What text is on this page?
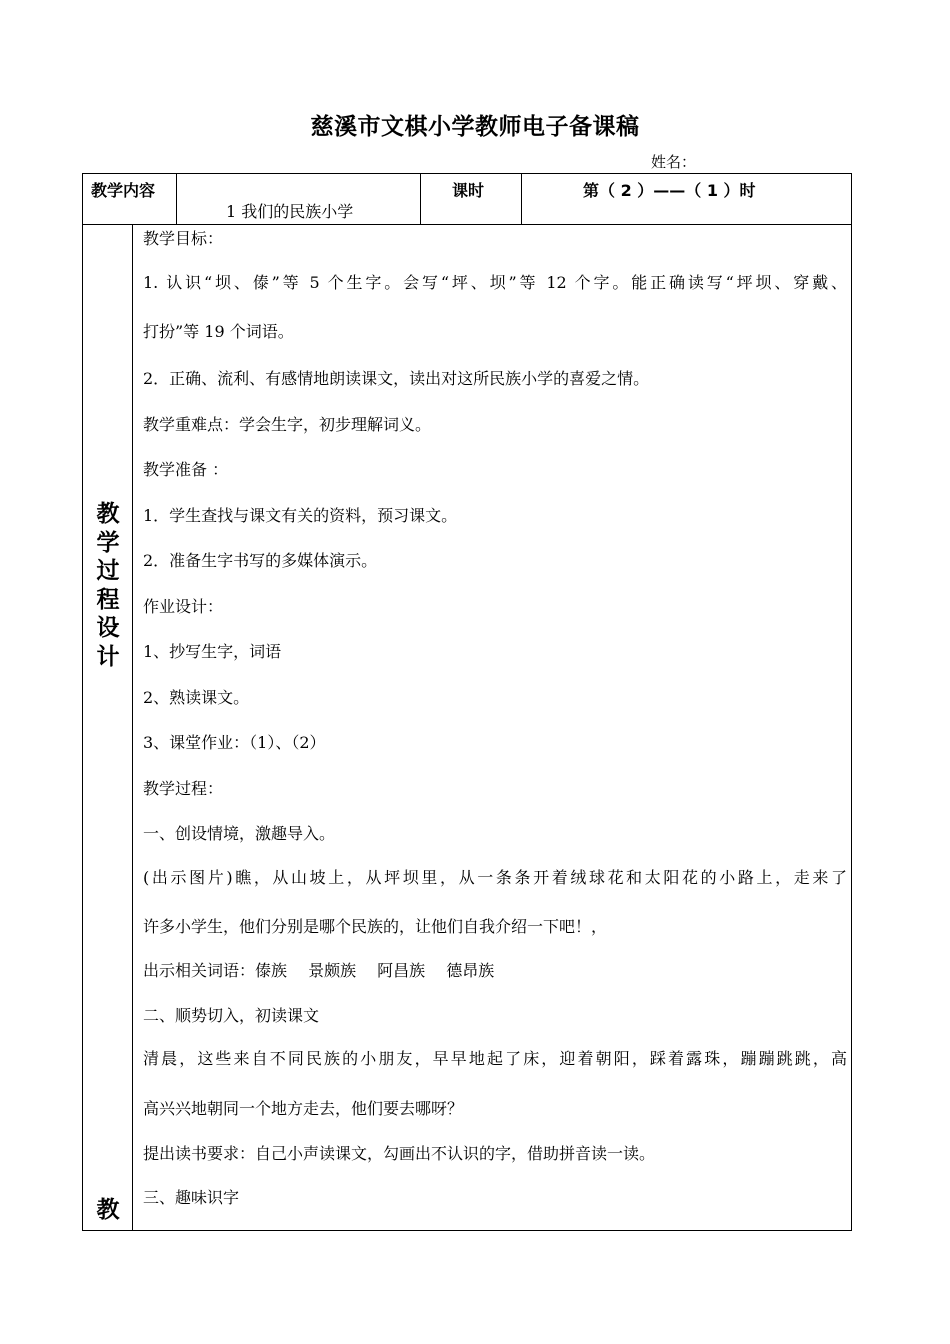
慈溪市文棋小学教师电子备课稿
姓名：
教学内容
1 我们的民族小学
课时	第（ 2 ）——（ 1 ）时
教
学
过
程
设
计
教
教学目标：
1. 认识“坝、傣”等 5 个生字。会写“坪、坝”等 12 个字。能正确读写“坪坝、穿戴、
打扮”等 19 个词语。
2．正确、流利、有感情地朗读课文，读出对这所民族小学的喜爱之情。
教学重难点：学会生字，初步理解词义。
教学准备 ：
1．学生查找与课文有关的资料，预习课文。
2．准备生字书写的多媒体演示。
作业设计：
1、抄写生字，词语
2、熟读课文。
3、课堂作业：（1）、（2）
教学过程：
一、创设情境，激趣导入。
(出示图片)瞧，从山坡上，从坪坝里，从一条条开着绒球花和太阳花的小路上，走来了
许多小学生，他们分别是哪个民族的，让他们自我介绍一下吧！，
出示相关词语：傣族　 景颇族　 阿昌族　 德昂族
二、顺势切入，初读课文
清晨，这些来自不同民族的小朋友，早早地起了床，迎着朝阳，踩着露珠，蹦蹦跳跳，高
高兴兴地朝同一个地方走去，他们要去哪呀？
提出读书要求：自己小声读课文，勾画出不认识的字，借助拼音读一读。
三、趣味识字
